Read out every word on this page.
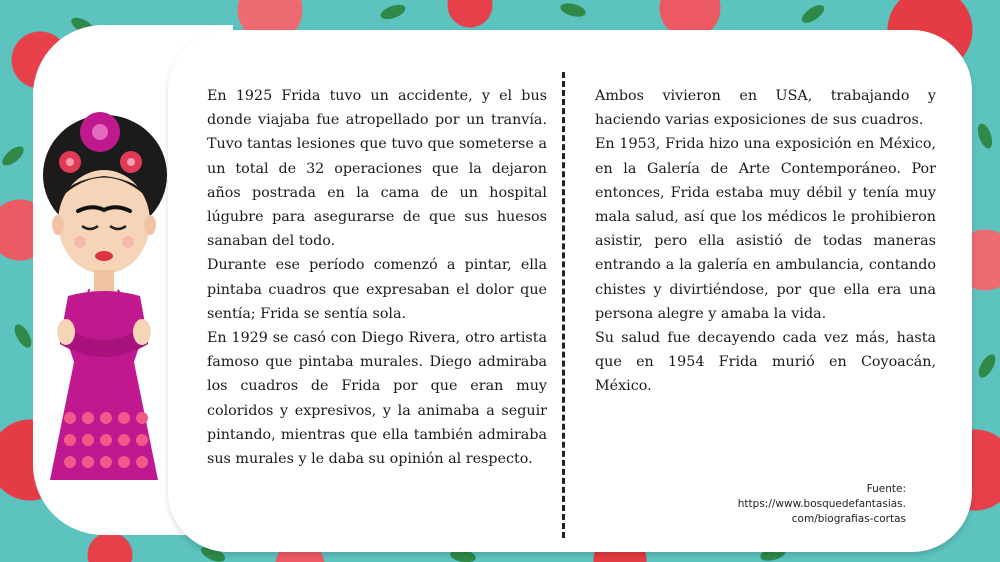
En 1925 Frida tuvo un accidente, y el bus donde viajaba fue atropellado por un tranvía. Tuvo tantas lesiones que tuvo que someterse a un total de 32 operaciones que la dejaron años postrada en la cama de un hospital lúgubre para asegurarse de que sus huesos sanaban del todo.

Durante ese período comenzó a pintar, ella pintaba cuadros que expresaban el dolor que sentía; Frida se sentía sola.

En 1929 se casó con Diego Rivera, otro artista famoso que pintaba murales. Diego admiraba los cuadros de Frida por que eran muy coloridos y expresivos, y la animaba a seguir pintando, mientras que ella también admiraba sus murales y le daba su opinión al respecto.

Ambos vivieron en USA, trabajando y haciendo varias exposiciones de sus cuadros.

En 1953, Frida hizo una exposición en México, en la Galería de Arte Contemporáneo. Por entonces, Frida estaba muy débil y tenía muy mala salud, así que los médicos le prohibieron asistir, pero ella asistió de todas maneras entrando a la galería en ambulancia, contando chistes y divirtiéndose, por que ella era una persona alegre y amaba la vida.

Su salud fue decayendo cada vez más, hasta que en 1954 Frida murió en Coyoacán, México.

Fuente:
https://www.bosquedefantasias.
com/biografias-cortas
